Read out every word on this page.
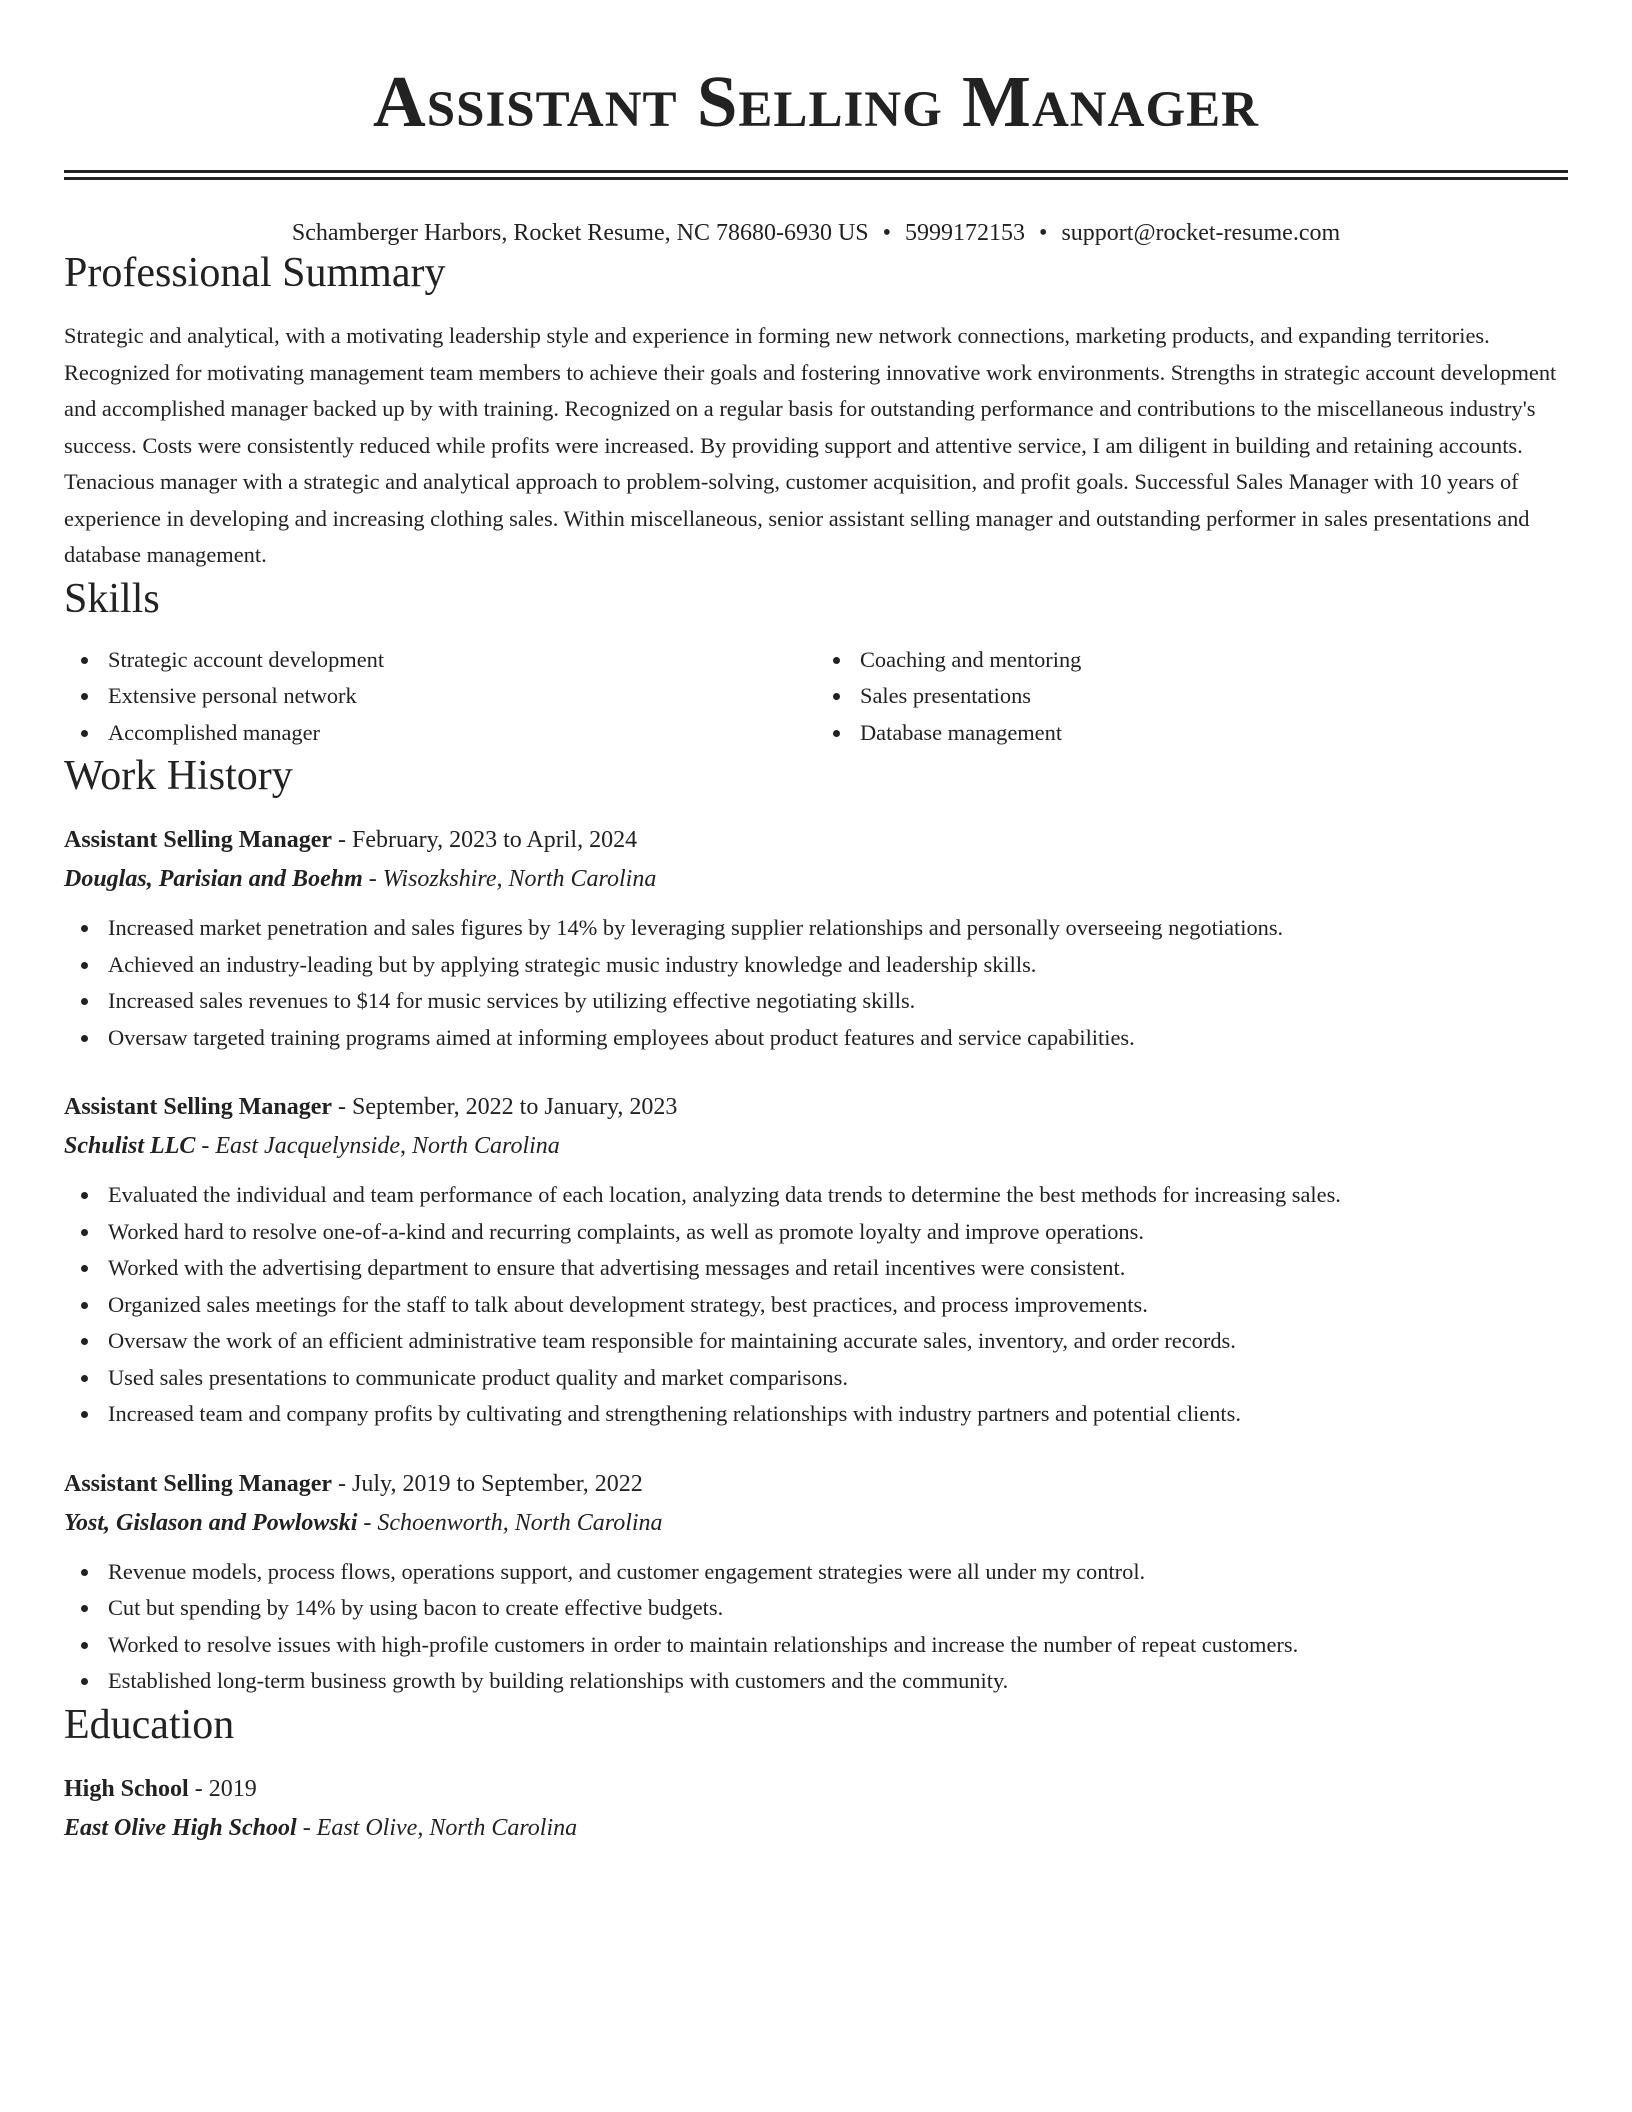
Assistant Selling Manager
Schamberger Harbors, Rocket Resume, NC 78680-6930 US • 5999172153 • support@rocket-resume.com
Professional Summary
Strategic and analytical, with a motivating leadership style and experience in forming new network connections, marketing products, and expanding territories. Recognized for motivating management team members to achieve their goals and fostering innovative work environments. Strengths in strategic account development and accomplished manager backed up by with training. Recognized on a regular basis for outstanding performance and contributions to the miscellaneous industry's success. Costs were consistently reduced while profits were increased. By providing support and attentive service, I am diligent in building and retaining accounts. Tenacious manager with a strategic and analytical approach to problem-solving, customer acquisition, and profit goals. Successful Sales Manager with 10 years of experience in developing and increasing clothing sales. Within miscellaneous, senior assistant selling manager and outstanding performer in sales presentations and database management.
Skills
Strategic account development
Extensive personal network
Accomplished manager
Coaching and mentoring
Sales presentations
Database management
Work History
Assistant Selling Manager - February, 2023 to April, 2024
Douglas, Parisian and Boehm - Wisozkshire, North Carolina
Increased market penetration and sales figures by 14% by leveraging supplier relationships and personally overseeing negotiations.
Achieved an industry-leading but by applying strategic music industry knowledge and leadership skills.
Increased sales revenues to $14 for music services by utilizing effective negotiating skills.
Oversaw targeted training programs aimed at informing employees about product features and service capabilities.
Assistant Selling Manager - September, 2022 to January, 2023
Schulist LLC - East Jacquelynside, North Carolina
Evaluated the individual and team performance of each location, analyzing data trends to determine the best methods for increasing sales.
Worked hard to resolve one-of-a-kind and recurring complaints, as well as promote loyalty and improve operations.
Worked with the advertising department to ensure that advertising messages and retail incentives were consistent.
Organized sales meetings for the staff to talk about development strategy, best practices, and process improvements.
Oversaw the work of an efficient administrative team responsible for maintaining accurate sales, inventory, and order records.
Used sales presentations to communicate product quality and market comparisons.
Increased team and company profits by cultivating and strengthening relationships with industry partners and potential clients.
Assistant Selling Manager - July, 2019 to September, 2022
Yost, Gislason and Powlowski - Schoenworth, North Carolina
Revenue models, process flows, operations support, and customer engagement strategies were all under my control.
Cut but spending by 14% by using bacon to create effective budgets.
Worked to resolve issues with high-profile customers in order to maintain relationships and increase the number of repeat customers.
Established long-term business growth by building relationships with customers and the community.
Education
High School - 2019
East Olive High School - East Olive, North Carolina
